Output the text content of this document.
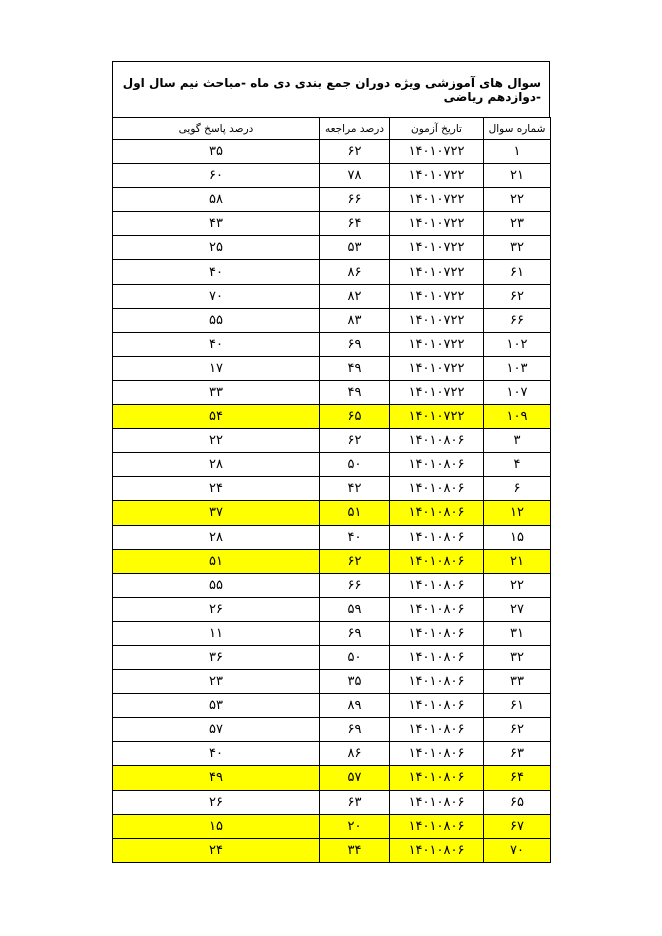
سوال های آموزشی ویژه دوران جمع بندی دی ماه -مباحث نیم سال اول -دوازدهم ریاضی
شماره سوال	تاریخ آزمون	درصد مراجعه	درصد پاسخ گویی
۱	۱۴۰۱۰۷۲۲	۶۲	۳۵
۲۱	۱۴۰۱۰۷۲۲	۷۸	۶۰
۲۲	۱۴۰۱۰۷۲۲	۶۶	۵۸
۲۳	۱۴۰۱۰۷۲۲	۶۴	۴۳
۳۲	۱۴۰۱۰۷۲۲	۵۳	۲۵
۶۱	۱۴۰۱۰۷۲۲	۸۶	۴۰
۶۲	۱۴۰۱۰۷۲۲	۸۲	۷۰
۶۶	۱۴۰۱۰۷۲۲	۸۳	۵۵
۱۰۲	۱۴۰۱۰۷۲۲	۶۹	۴۰
۱۰۳	۱۴۰۱۰۷۲۲	۴۹	۱۷
۱۰۷	۱۴۰۱۰۷۲۲	۴۹	۳۳
۱۰۹	۱۴۰۱۰۷۲۲	۶۵	۵۴
۳	۱۴۰۱۰۸۰۶	۶۲	۲۲
۴	۱۴۰۱۰۸۰۶	۵۰	۲۸
۶	۱۴۰۱۰۸۰۶	۴۲	۲۴
۱۲	۱۴۰۱۰۸۰۶	۵۱	۳۷
۱۵	۱۴۰۱۰۸۰۶	۴۰	۲۸
۲۱	۱۴۰۱۰۸۰۶	۶۲	۵۱
۲۲	۱۴۰۱۰۸۰۶	۶۶	۵۵
۲۷	۱۴۰۱۰۸۰۶	۵۹	۲۶
۳۱	۱۴۰۱۰۸۰۶	۶۹	۱۱
۳۲	۱۴۰۱۰۸۰۶	۵۰	۳۶
۳۳	۱۴۰۱۰۸۰۶	۳۵	۲۳
۶۱	۱۴۰۱۰۸۰۶	۸۹	۵۳
۶۲	۱۴۰۱۰۸۰۶	۶۹	۵۷
۶۳	۱۴۰۱۰۸۰۶	۸۶	۴۰
۶۴	۱۴۰۱۰۸۰۶	۵۷	۴۹
۶۵	۱۴۰۱۰۸۰۶	۶۳	۲۶
۶۷	۱۴۰۱۰۸۰۶	۲۰	۱۵
۷۰	۱۴۰۱۰۸۰۶	۳۴	۲۴
